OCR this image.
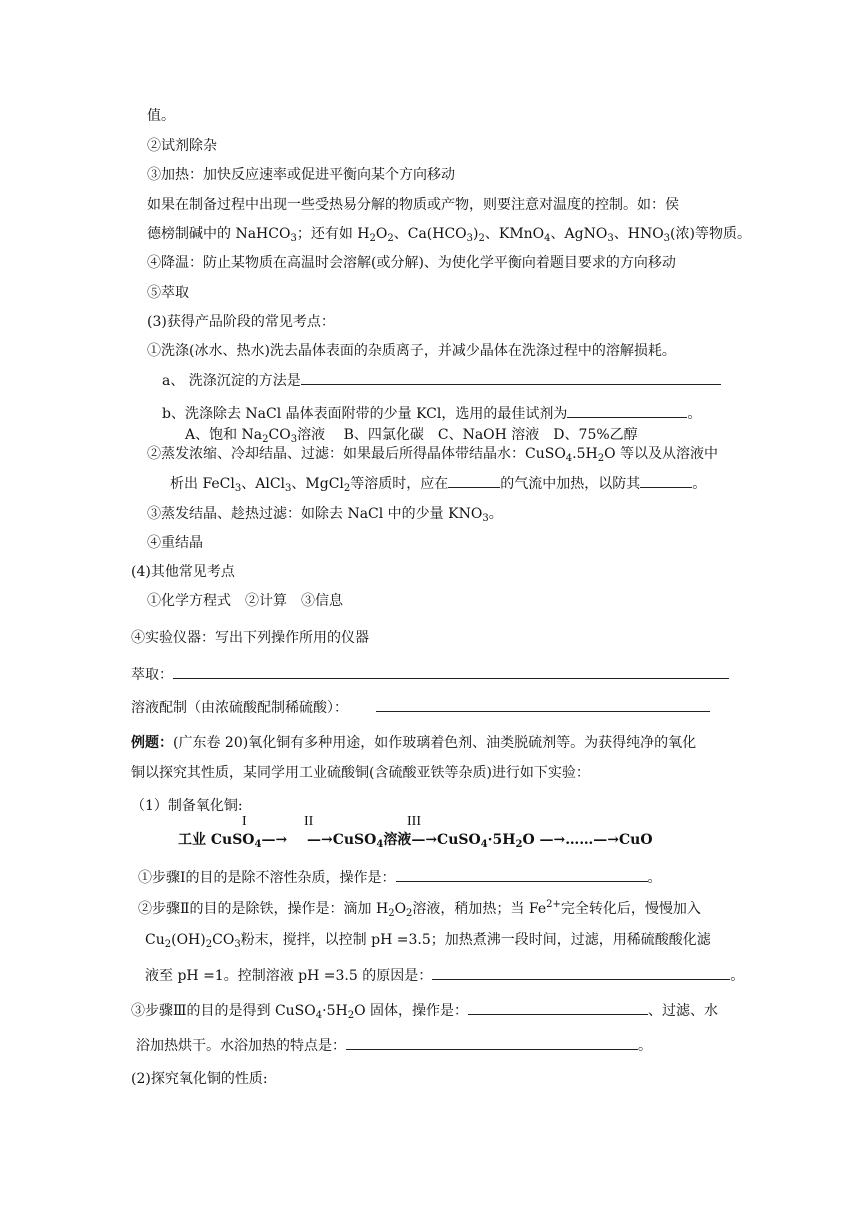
值。
②试剂除杂
③加热：加快反应速率或促进平衡向某个方向移动
如果在制备过程中出现一些受热易分解的物质或产物，则要注意对温度的控制。如：侯
德榜制碱中的 NaHCO$_3$；还有如 $H_2O_2$、$Ca(HCO_3)_2$、KMnO$_4$、AgNO$_3$、$HNO_3$(浓)等物质。
④降温：防止某物质在高温时会溶解(或分解)、为使化学平衡向着题目要求的方向移动
⑤萃取
(3)获得产品阶段的常见考点：
①洗涤(冰水、热水)洗去晶体表面的杂质离子，并减少晶体在洗涤过程中的溶解损耗。
a、 洗涤沉淀的方法是
b、洗涤除去 NaCl 晶体表面附带的少量 KCl，选用的最佳试剂为	。
A、饱和 $Na_2CO_3$溶液　 B、四氯化碳　C、NaOH 溶液　D、75%乙醇
②蒸发浓缩、冷却结晶、过滤：如果最后所得晶体带结晶水：$CuSO_4.5H_2O$ 等以及从溶液中
析出 FeCl$_3$、AlCl$_3$、MgCl$_2$等溶质时，应在	的气流中加热，以防其	。
③蒸发结晶、趁热过滤：如除去 NaCl 中的少量 $KNO_3$。
④重结晶
(4)其他常见考点
①化学方程式　②计算　③信息
④实验仪器：写出下列操作所用的仪器
萃取：
溶液配制（由浓硫酸配制稀硫酸）：
例题：(广东卷 20)氧化铜有多种用途，如作玻璃着色剂、油类脱硫剂等。为获得纯净的氧化
铜以探究其性质，某同学用工业硫酸铜(含硫酸亚铁等杂质)进行如下实验：
（1）制备氧化铜:
I	II	III
工业 CuSO$_4$—→ —→CuSO$_4$溶液$—\to CuSO_4\cdot 5H_2O$ —→……—→CuO
①步骤Ⅰ的目的是除不溶性杂质，操作是：	。
②步骤Ⅱ的目的是除铁，操作是：滴加 $H_2O_2$溶液，稍加热；当 $Fe^{2+}$完全转化后，慢慢加入
$Cu_2(OH)_2CO_3$粉末，搅拌，以控制 pH =3.5；加热煮沸一段时间，过滤，用稀硫酸酸化滤
液至 pH =1。控制溶液 pH =3.5 的原因是：	。
③步骤Ⅲ的目的是得到 $CuSO_4\cdot 5H_2O$ 固体，操作是：	、过滤、水
浴加热烘干。水浴加热的特点是：	。
(2)探究氧化铜的性质:
